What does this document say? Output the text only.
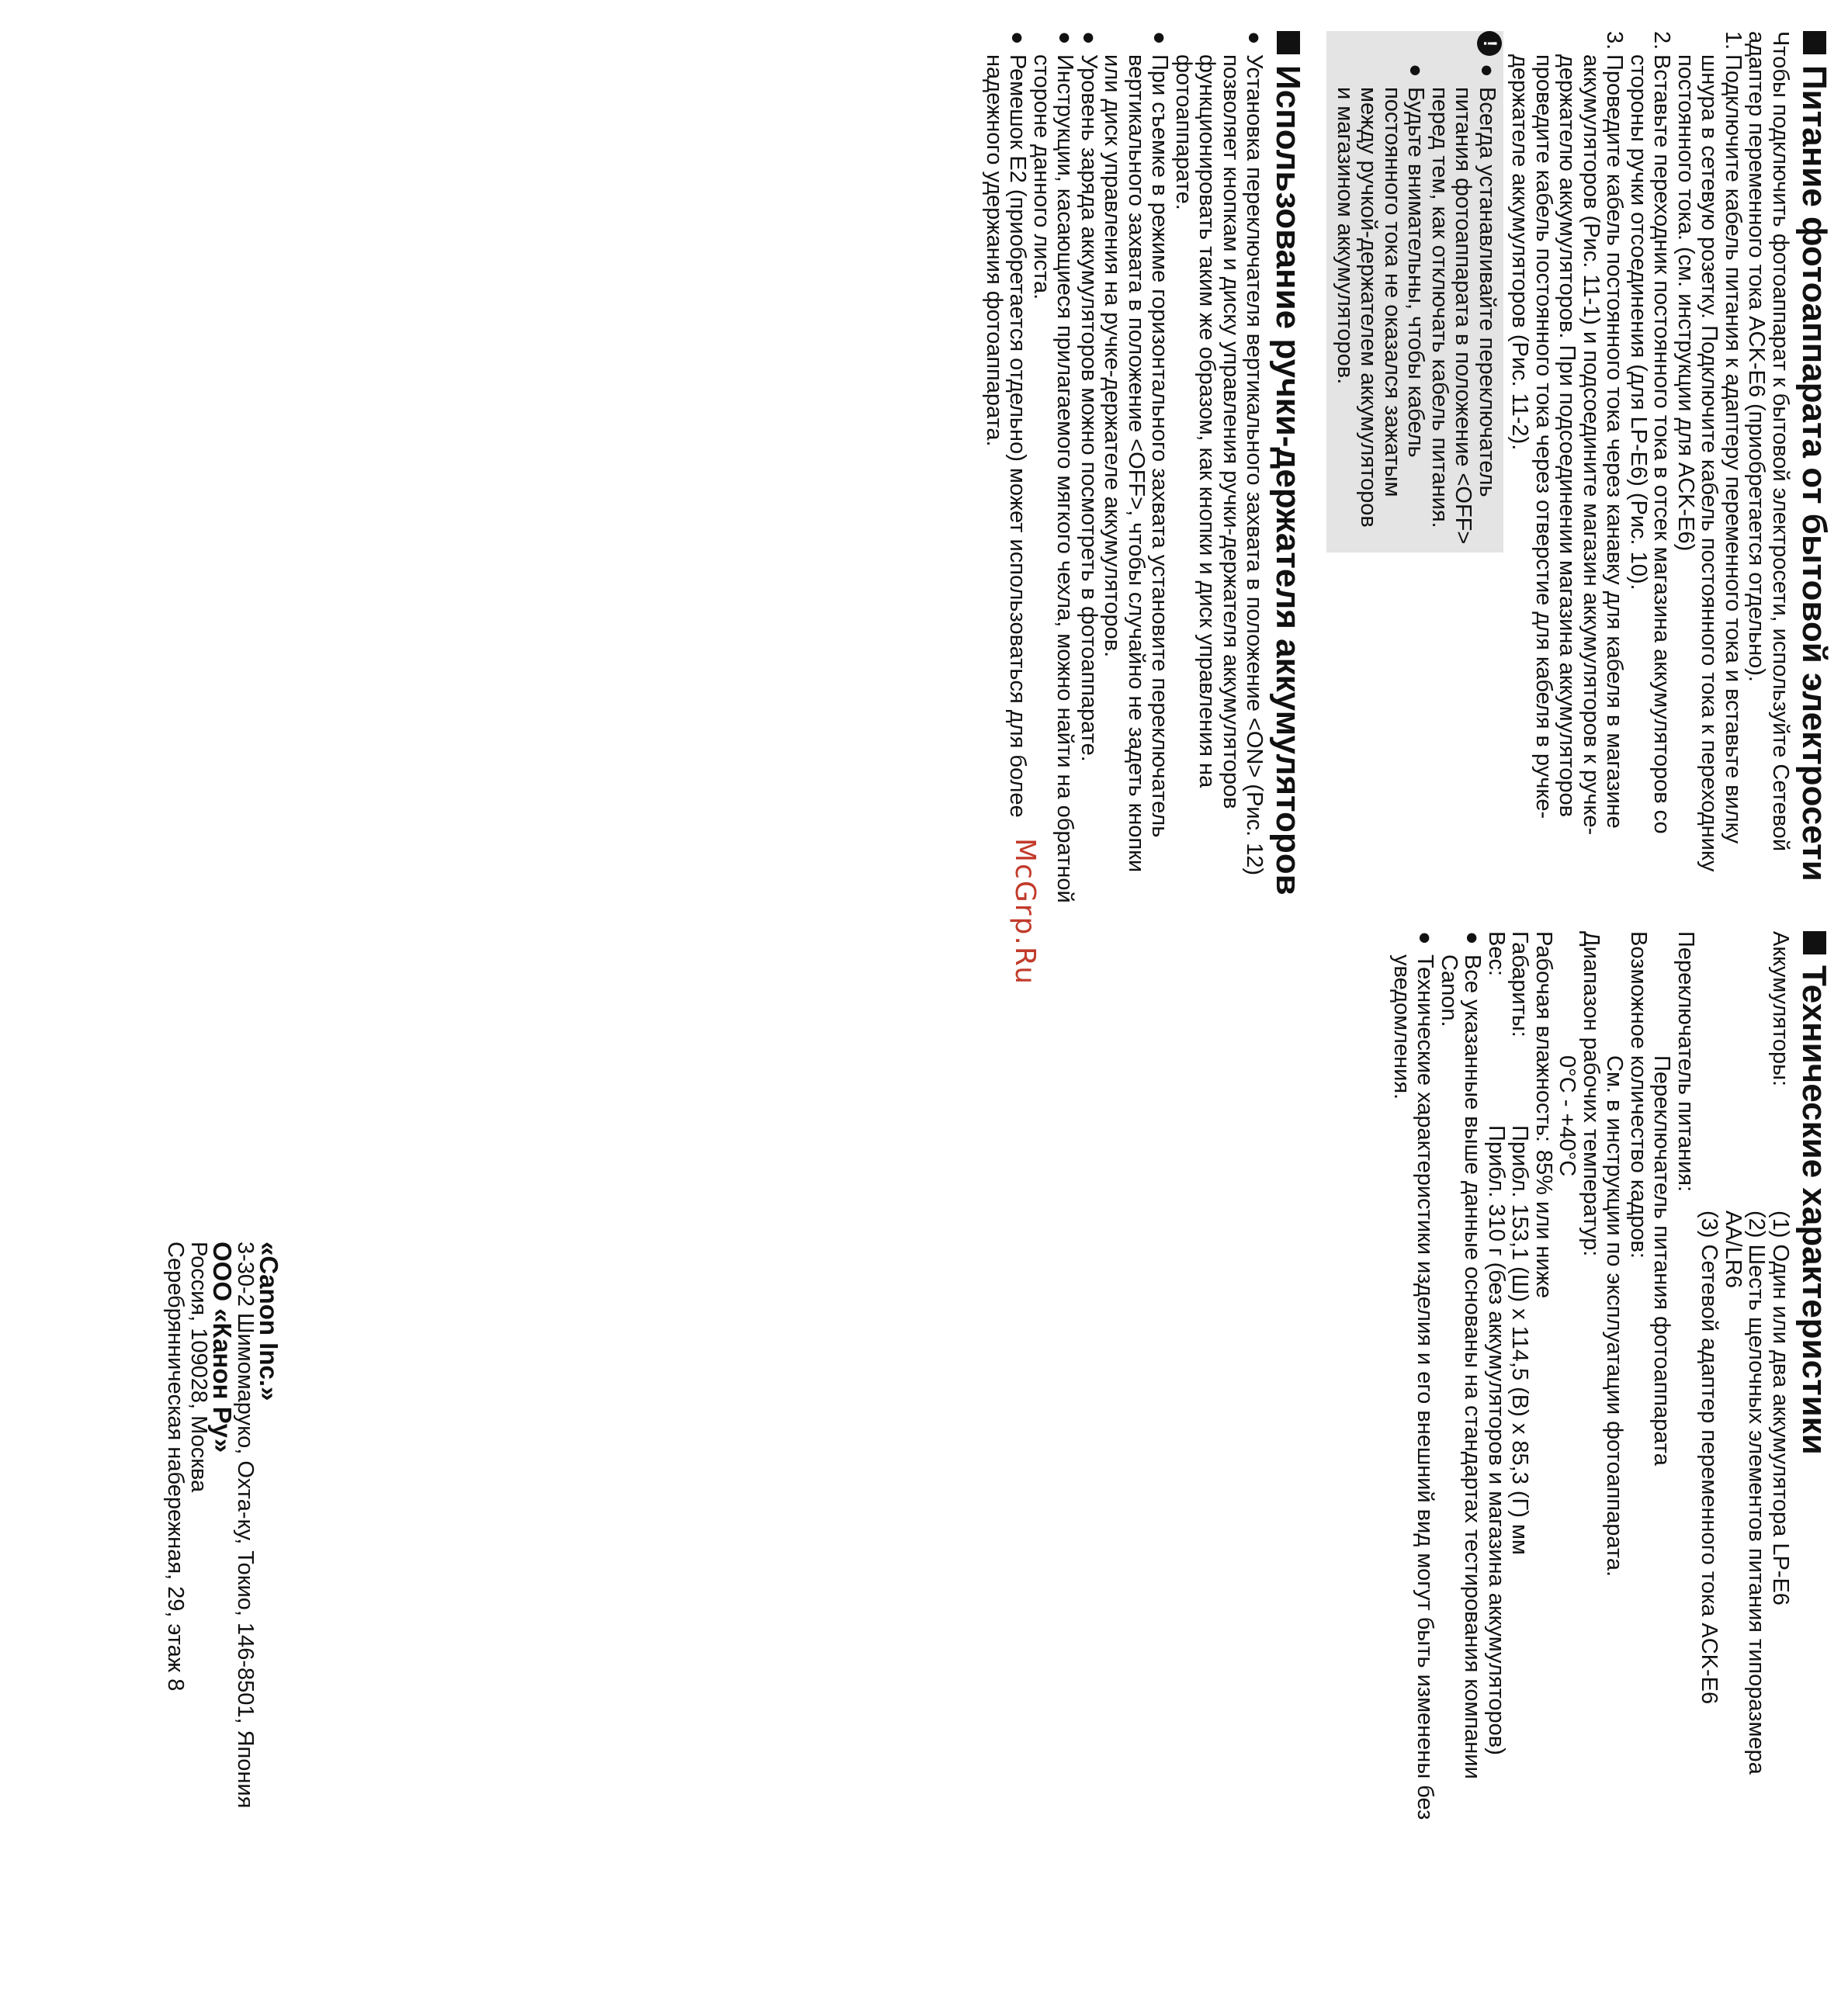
Питание фотоаппарата от бытовой электросети

Чтобы подключить фотоаппарат к бытовой электросети, используйте Сетевой адаптер переменного тока ACK-E6 (приобретается отдельно).

1.
Подключите кабель питания к адаптеру переменного тока и вставьте вилку шнура в сетевую розетку. Подключите кабель постоянного тока к переходнику постоянного тока. (см. инструкции для ACK-E6)
2.
Вставьте переходник постоянного тока в отсек магазина аккумуляторов со стороны ручки отсоединения (для LP-E6) (Рис. 10).
3.
Проведите кабель постоянного тока через канавку для кабеля в магазине аккумуляторов (Рис. 11-1) и подсоедините магазин аккумуляторов к ручке-держателю аккумуляторов. При подсоединении магазина аккумуляторов проведите кабель постоянного тока через отверстие для кабеля в ручке-держателе аккумуляторов (Рис. 11-2).
!
●
Всегда устанавливайте переключатель питания фотоаппарата в положение <OFF> перед тем, как отключать кабель питания.
●
Будьте внимательны, чтобы кабель постоянного тока не оказался зажатым между ручкой-держателем аккумуляторов и магазином аккумуляторов.
Использование ручки-держателя аккумуляторов
●
Установка переключателя вертикального захвата в положение <ON> (Рис. 12) позволяет кнопкам и диску управления ручки-держателя аккумуляторов функционировать таким же образом, как кнопки и диск управления на фотоаппарате.
●
При съемке в режиме горизонтального захвата установите переключатель вертикального захвата в положение <OFF>, чтобы случайно не задеть кнопки или диск управления на ручке-держателе аккумуляторов.
●
Уровень заряда аккумуляторов можно посмотреть в фотоаппарате.
●
Инструкции, касающиеся прилагаемого мягкого чехла, можно найти на обратной стороне данного листа.
●
Ремешок E2 (приобретается отдельно) может использоваться для более надежного удержания фотоаппарата.
Технические характеристики
Аккумуляторы:
(1) Один или два аккумулятора LP-E6
(2) Шесть щелочных элементов питания типоразмера AA/LR6
(3) Сетевой адаптер переменного тока ACK-E6
Переключатель питания:
Переключатель питания фотоаппарата
Возможное количество кадров:
См. в инструкции по эксплуатации фотоаппарата.
Диапазон рабочих температур:
0°C - +40°C
Рабочая влажность:
85% или ниже
Габариты:
Прибл. 153,1 (Ш) x 114,5 (В) x 85,3 (Г) мм
Вес:
Прибл. 310 г (без аккумуляторов и магазина аккумуляторов)
●
Все указанные выше данные основаны на стандартах тестирования компании Canon.
●
Технические характеристики изделия и его внешний вид могут быть изменены без уведомления.
McGrp.Ru
«Canon Inc.»
3-30-2 Шимомаруко, Охта-ку, Токио, 146-8501, Япония
ООО «Канон Ру»
Россия, 109028, Москва
Серебрянническая набережная, 29, этаж 8
